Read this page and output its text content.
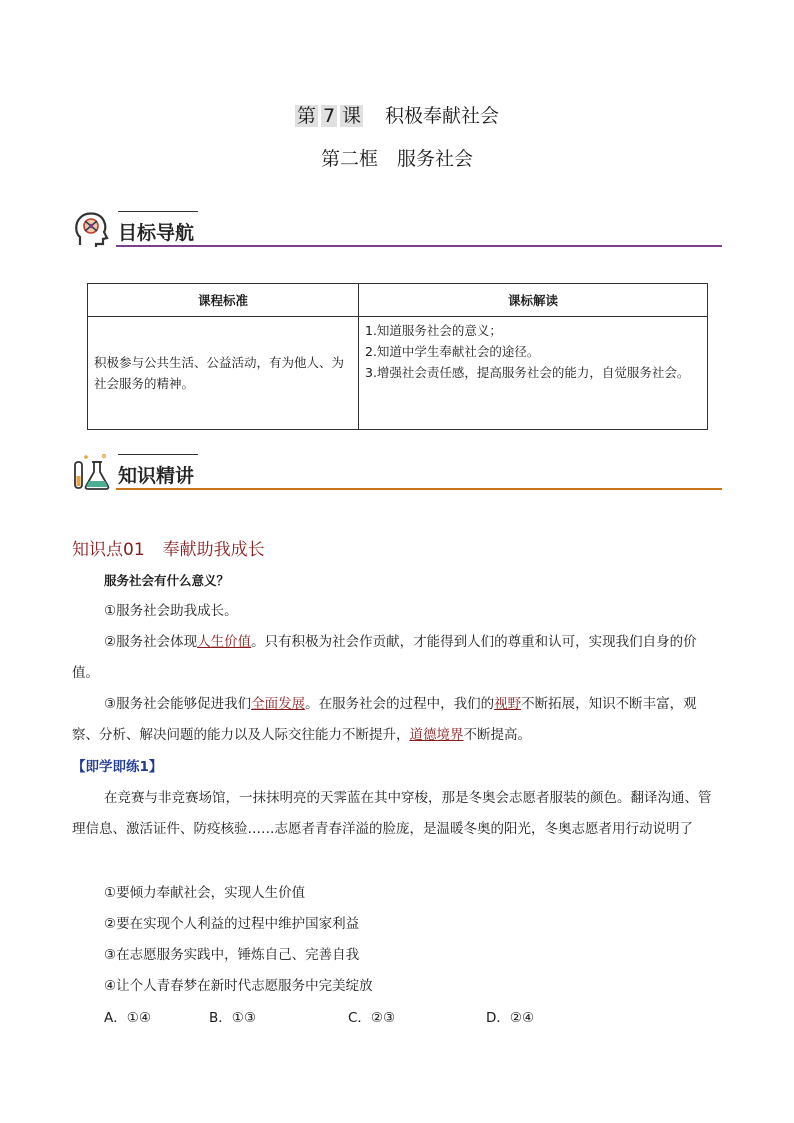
第 7 课 积极奉献社会
第二框　服务社会
目标导航
课程标准	课标解读
积极参与公共生活、公益活动，有为他人、为社会服务的精神。	1.知道服务社会的意义；
2.知道中学生奉献社会的途径。
3.增强社会责任感，提高服务社会的能力，自觉服务社会。
知识精讲
知识点01 奉献助我成长
服务社会有什么意义？
①服务社会助我成长。
②服务社会体现人生价值。只有积极为社会作贡献，才能得到人们的尊重和认可，实现我们自身的价值。
③服务社会能够促进我们全面发展。在服务社会的过程中，我们的视野不断拓展，知识不断丰富，观察、分析、解决问题的能力以及人际交往能力不断提升，道德境界不断提高。
【即学即练1】
在竞赛与非竞赛场馆，一抹抹明亮的天霁蓝在其中穿梭，那是冬奥会志愿者服装的颜色。翻译沟通、管理信息、激活证件、防疫核验……志愿者青春洋溢的脸庞，是温暖冬奥的阳光，冬奥志愿者用行动说明了
①要倾力奉献社会，实现人生价值
②要在实现个人利益的过程中维护国家利益
③在志愿服务实践中，锤炼自己、完善自我
④让个人青春梦在新时代志愿服务中完美绽放
A．①④	B．①③	C．②③	D．②④
